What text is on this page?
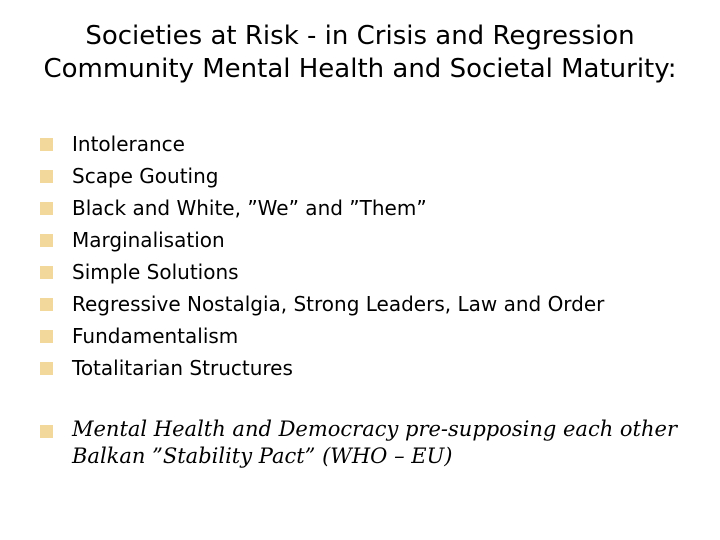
Societies at Risk - in Crisis and Regression
Community Mental Health and Societal Maturity:
Intolerance
Scape Gouting
Black and White, ”We” and ”Them”
Marginalisation
Simple Solutions
Regressive Nostalgia, Strong Leaders, Law and Order
Fundamentalism
Totalitarian Structures
Mental Health and Democracy pre-supposing each other
Balkan ”Stability Pact” (WHO – EU)
